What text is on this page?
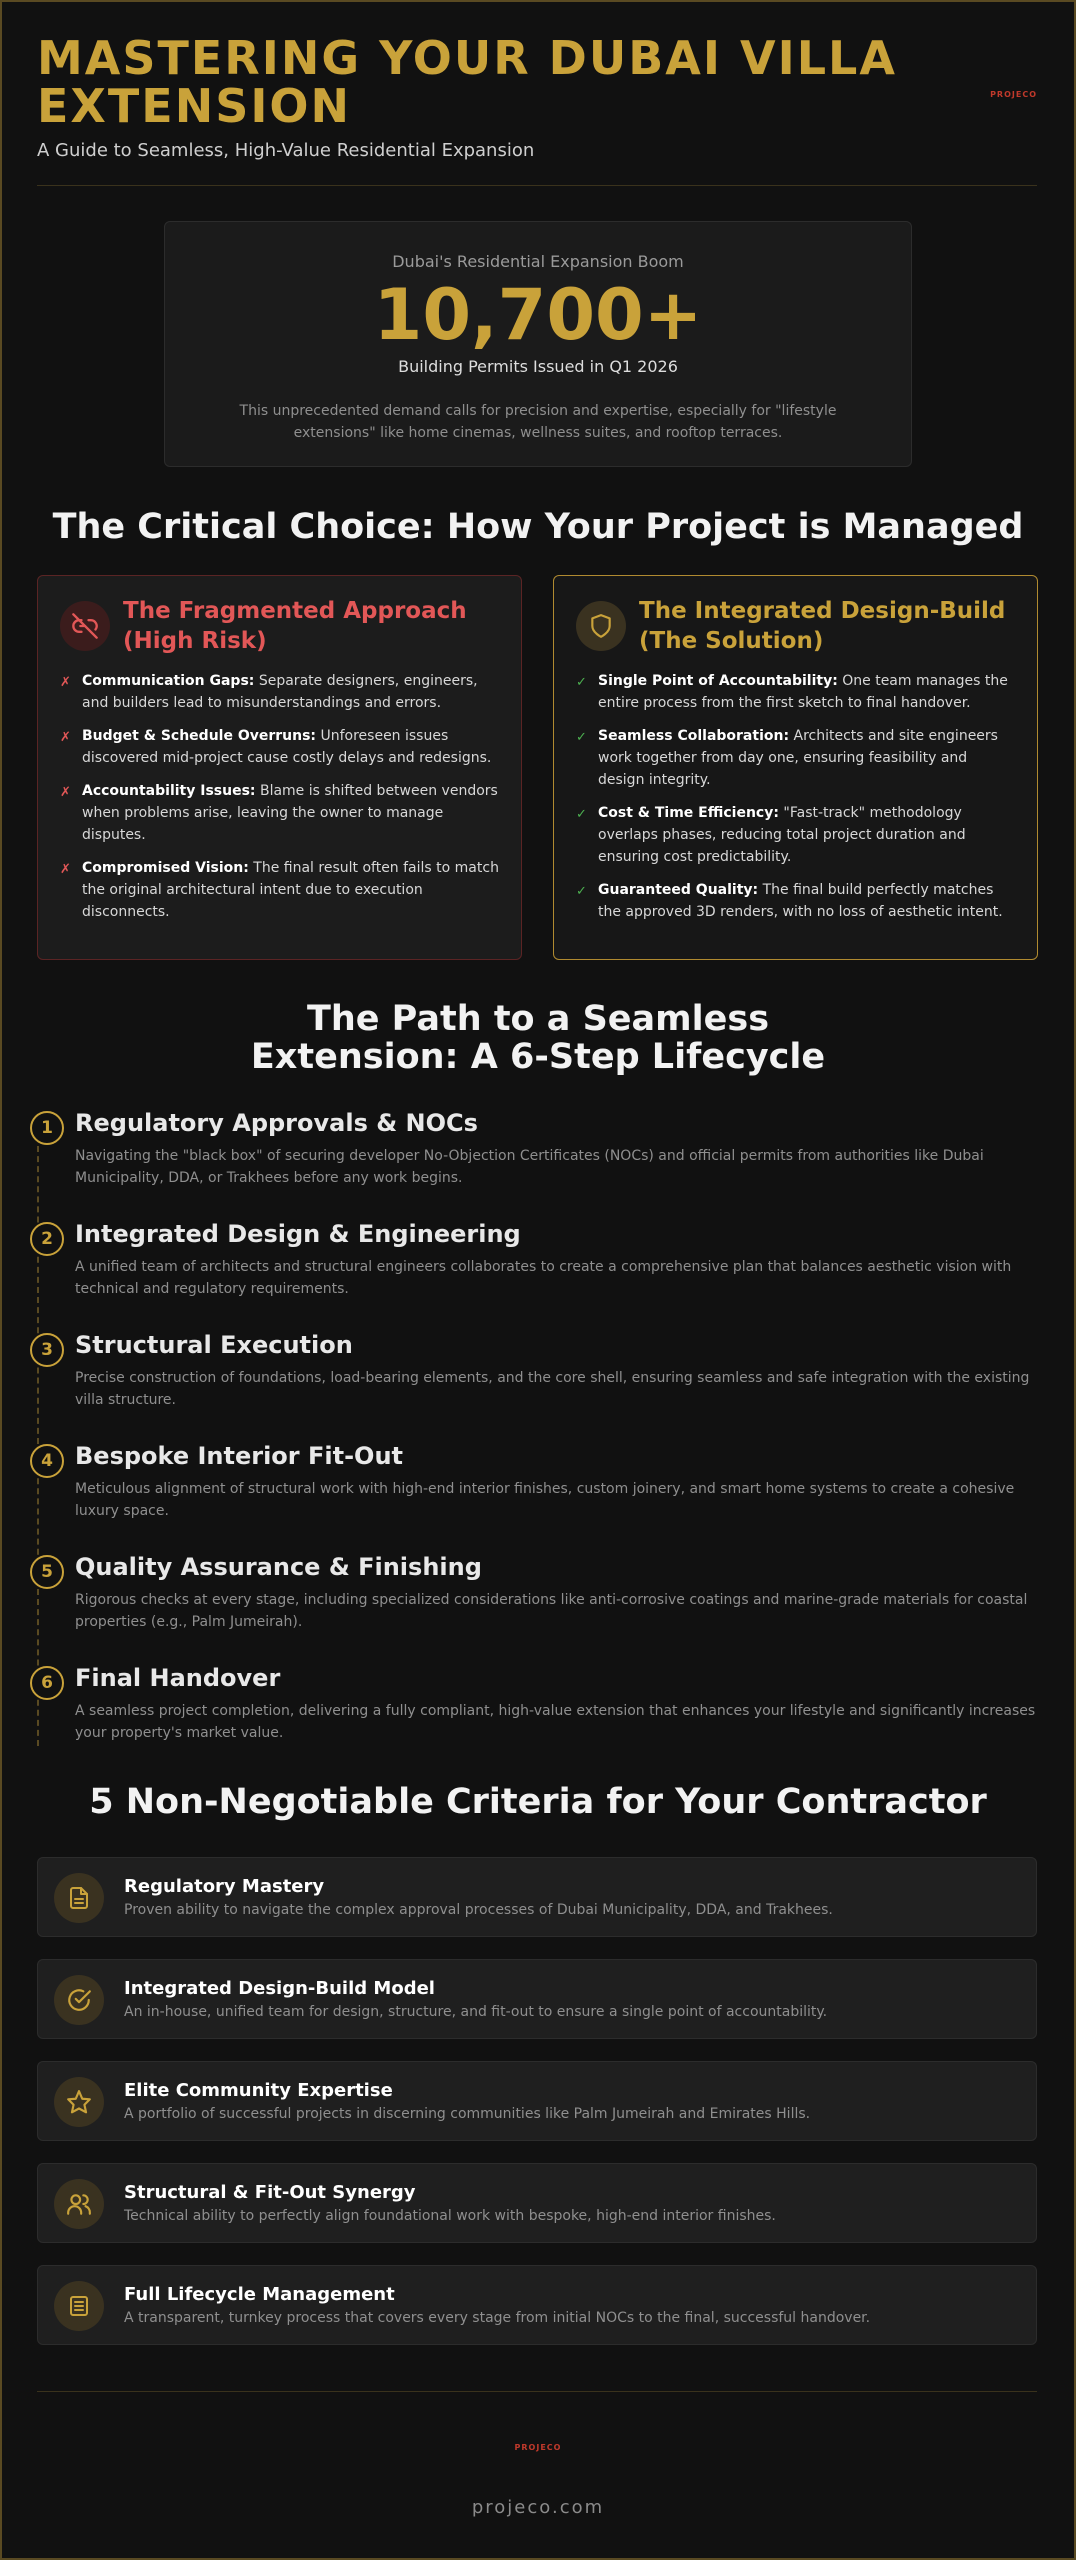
MASTERING YOUR DUBAI VILLA EXTENSION
A Guide to Seamless, High-Value Residential Expansion
PROJECO
Dubai's Residential Expansion Boom
10,700+
Building Permits Issued in Q1 2026
This unprecedented demand calls for precision and expertise, especially for "lifestyle extensions" like home cinemas, wellness suites, and rooftop terraces.
The Critical Choice: How Your Project is Managed
The Fragmented Approach (High Risk)
✗ Communication Gaps: Separate designers, engineers, and builders lead to misunderstandings and errors.
✗ Budget & Schedule Overruns: Unforeseen issues discovered mid-project cause costly delays and redesigns.
✗ Accountability Issues: Blame is shifted between vendors when problems arise, leaving the owner to manage disputes.
✗ Compromised Vision: The final result often fails to match the original architectural intent due to execution disconnects.
The Integrated Design-Build (The Solution)
✓ Single Point of Accountability: One team manages the entire process from the first sketch to final handover.
✓ Seamless Collaboration: Architects and site engineers work together from day one, ensuring feasibility and design integrity.
✓ Cost & Time Efficiency: "Fast-track" methodology overlaps phases, reducing total project duration and ensuring cost predictability.
✓ Guaranteed Quality: The final build perfectly matches the approved 3D renders, with no loss of aesthetic intent.
The Path to a Seamless Extension: A 6-Step Lifecycle
1 Regulatory Approvals & NOCs
Navigating the "black box" of securing developer No-Objection Certificates (NOCs) and official permits from authorities like Dubai Municipality, DDA, or Trakhees before any work begins.
2 Integrated Design & Engineering
A unified team of architects and structural engineers collaborates to create a comprehensive plan that balances aesthetic vision with technical and regulatory requirements.
3 Structural Execution
Precise construction of foundations, load-bearing elements, and the core shell, ensuring seamless and safe integration with the existing villa structure.
4 Bespoke Interior Fit-Out
Meticulous alignment of structural work with high-end interior finishes, custom joinery, and smart home systems to create a cohesive luxury space.
5 Quality Assurance & Finishing
Rigorous checks at every stage, including specialized considerations like anti-corrosive coatings and marine-grade materials for coastal properties (e.g., Palm Jumeirah).
6 Final Handover
A seamless project completion, delivering a fully compliant, high-value extension that enhances your lifestyle and significantly increases your property's market value.
5 Non-Negotiable Criteria for Your Contractor
Regulatory Mastery
Proven ability to navigate the complex approval processes of Dubai Municipality, DDA, and Trakhees.
Integrated Design-Build Model
An in-house, unified team for design, structure, and fit-out to ensure a single point of accountability.
Elite Community Expertise
A portfolio of successful projects in discerning communities like Palm Jumeirah and Emirates Hills.
Structural & Fit-Out Synergy
Technical ability to perfectly align foundational work with bespoke, high-end interior finishes.
Full Lifecycle Management
A transparent, turnkey process that covers every stage from initial NOCs to the final, successful handover.
PROJECO
projeco.com
